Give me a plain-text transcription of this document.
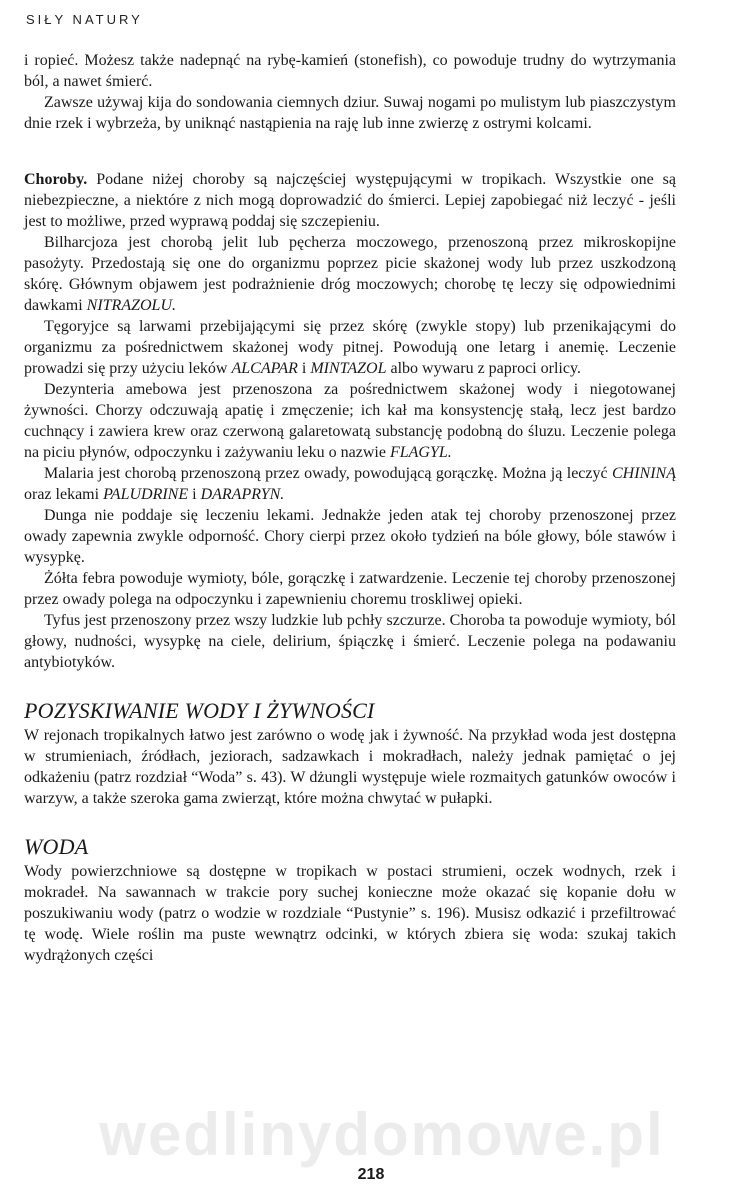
SIŁY NATURY

i ropieć. Możesz także nadepnąć na rybę-kamień (stonefish), co powoduje trudny do wytrzymania ból, a nawet śmierć.

Zawsze używaj kija do sondowania ciemnych dziur. Suwaj nogami po mulistym lub piaszczystym dnie rzek i wybrzeża, by uniknąć nastąpienia na raję lub inne zwierzę z ostrymi kolcami.

Choroby. Podane niżej choroby są najczęściej występującymi w tropikach. Wszystkie one są niebezpieczne, a niektóre z nich mogą doprowadzić do śmierci. Lepiej zapobiegać niż leczyć - jeśli jest to możliwe, przed wyprawą poddaj się szczepieniu.

Bilharcjoza jest chorobą jelit lub pęcherza moczowego, przenoszoną przez mikroskopijne pasożyty. Przedostają się one do organizmu poprzez picie skażonej wody lub przez uszkodzoną skórę. Głównym objawem jest podrażnienie dróg moczowych; chorobę tę leczy się odpowiednimi dawkami NITRAZOLU.

Tęgoryjce są larwami przebijającymi się przez skórę (zwykle stopy) lub przenikającymi do organizmu za pośrednictwem skażonej wody pitnej. Powodują one letarg i anemię. Leczenie prowadzi się przy użyciu leków ALCAPAR i MINTAZOL albo wywaru z paproci orlicy.

Dezynteria amebowa jest przenoszona za pośrednictwem skażonej wody i niegotowanej żywności. Chorzy odczuwają apatię i zmęczenie; ich kał ma konsystencję stałą, lecz jest bardzo cuchnący i zawiera krew oraz czerwoną galaretowatą substancję podobną do śluzu. Leczenie polega na piciu płynów, odpoczynku i zażywaniu leku o nazwie FLAGYL.

Malaria jest chorobą przenoszoną przez owady, powodującą gorączkę. Można ją leczyć CHININĄ oraz lekami PALUDRINE i DARAPRYN.

Dunga nie poddaje się leczeniu lekami. Jednakże jeden atak tej choroby przenoszonej przez owady zapewnia zwykle odporność. Chory cierpi przez około tydzień na bóle głowy, bóle stawów i wysypkę.

Żółta febra powoduje wymioty, bóle, gorączkę i zatwardzenie. Leczenie tej choroby przenoszonej przez owady polega na odpoczynku i zapewnieniu choremu troskliwej opieki.

Tyfus jest przenoszony przez wszy ludzkie lub pchły szczurze. Choroba ta powoduje wymioty, ból głowy, nudności, wysypkę na ciele, delirium, śpiączkę i śmierć. Leczenie polega na podawaniu antybiotyków.

POZYSKIWANIE WODY I ŻYWNOŚCI

W rejonach tropikalnych łatwo jest zarówno o wodę jak i żywność. Na przykład woda jest dostępna w strumieniach, źródłach, jeziorach, sadzawkach i mokradłach, należy jednak pamiętać o jej odkażeniu (patrz rozdział “Woda” s. 43). W dżungli występuje wiele rozmaitych gatunków owoców i warzyw, a także szeroka gama zwierząt, które można chwytać w pułapki.

WODA

Wody powierzchniowe są dostępne w tropikach w postaci strumieni, oczek wodnych, rzek i mokradeł. Na sawannach w trakcie pory suchej konieczne może okazać się kopanie dołu w poszukiwaniu wody (patrz o wodzie w rozdziale “Pustynie” s. 196). Musisz odkazić i przefiltrować tę wodę. Wiele roślin ma puste wewnątrz odcinki, w których zbiera się woda: szukaj takich wydrążonych części

wedlinydomowe.pl
218
